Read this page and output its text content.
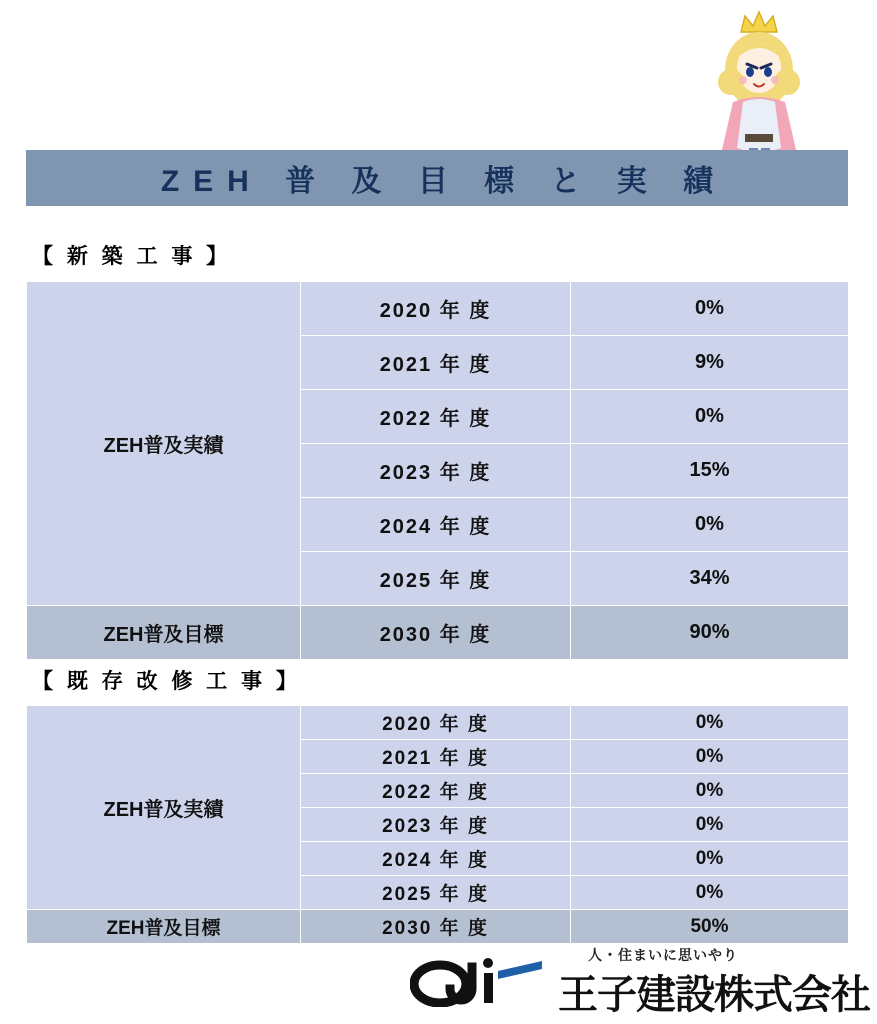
ZEH 普 及 目 標 と 実 績
【 新 築 工 事 】
ZEH普及実績	2020 年 度	0%
	2021 年 度	9%
	2022 年 度	0%
	2023 年 度	15%
	2024 年 度	0%
	2025 年 度	34%
ZEH普及目標	2030 年 度	90%
【 既 存 改 修 工 事 】
ZEH普及実績	2020 年 度	0%
	2021 年 度	0%
	2022 年 度	0%
	2023 年 度	0%
	2024 年 度	0%
	2025 年 度	0%
ZEH普及目標	2030 年 度	50%
人・住まいに思いやり
王子建設株式会社
